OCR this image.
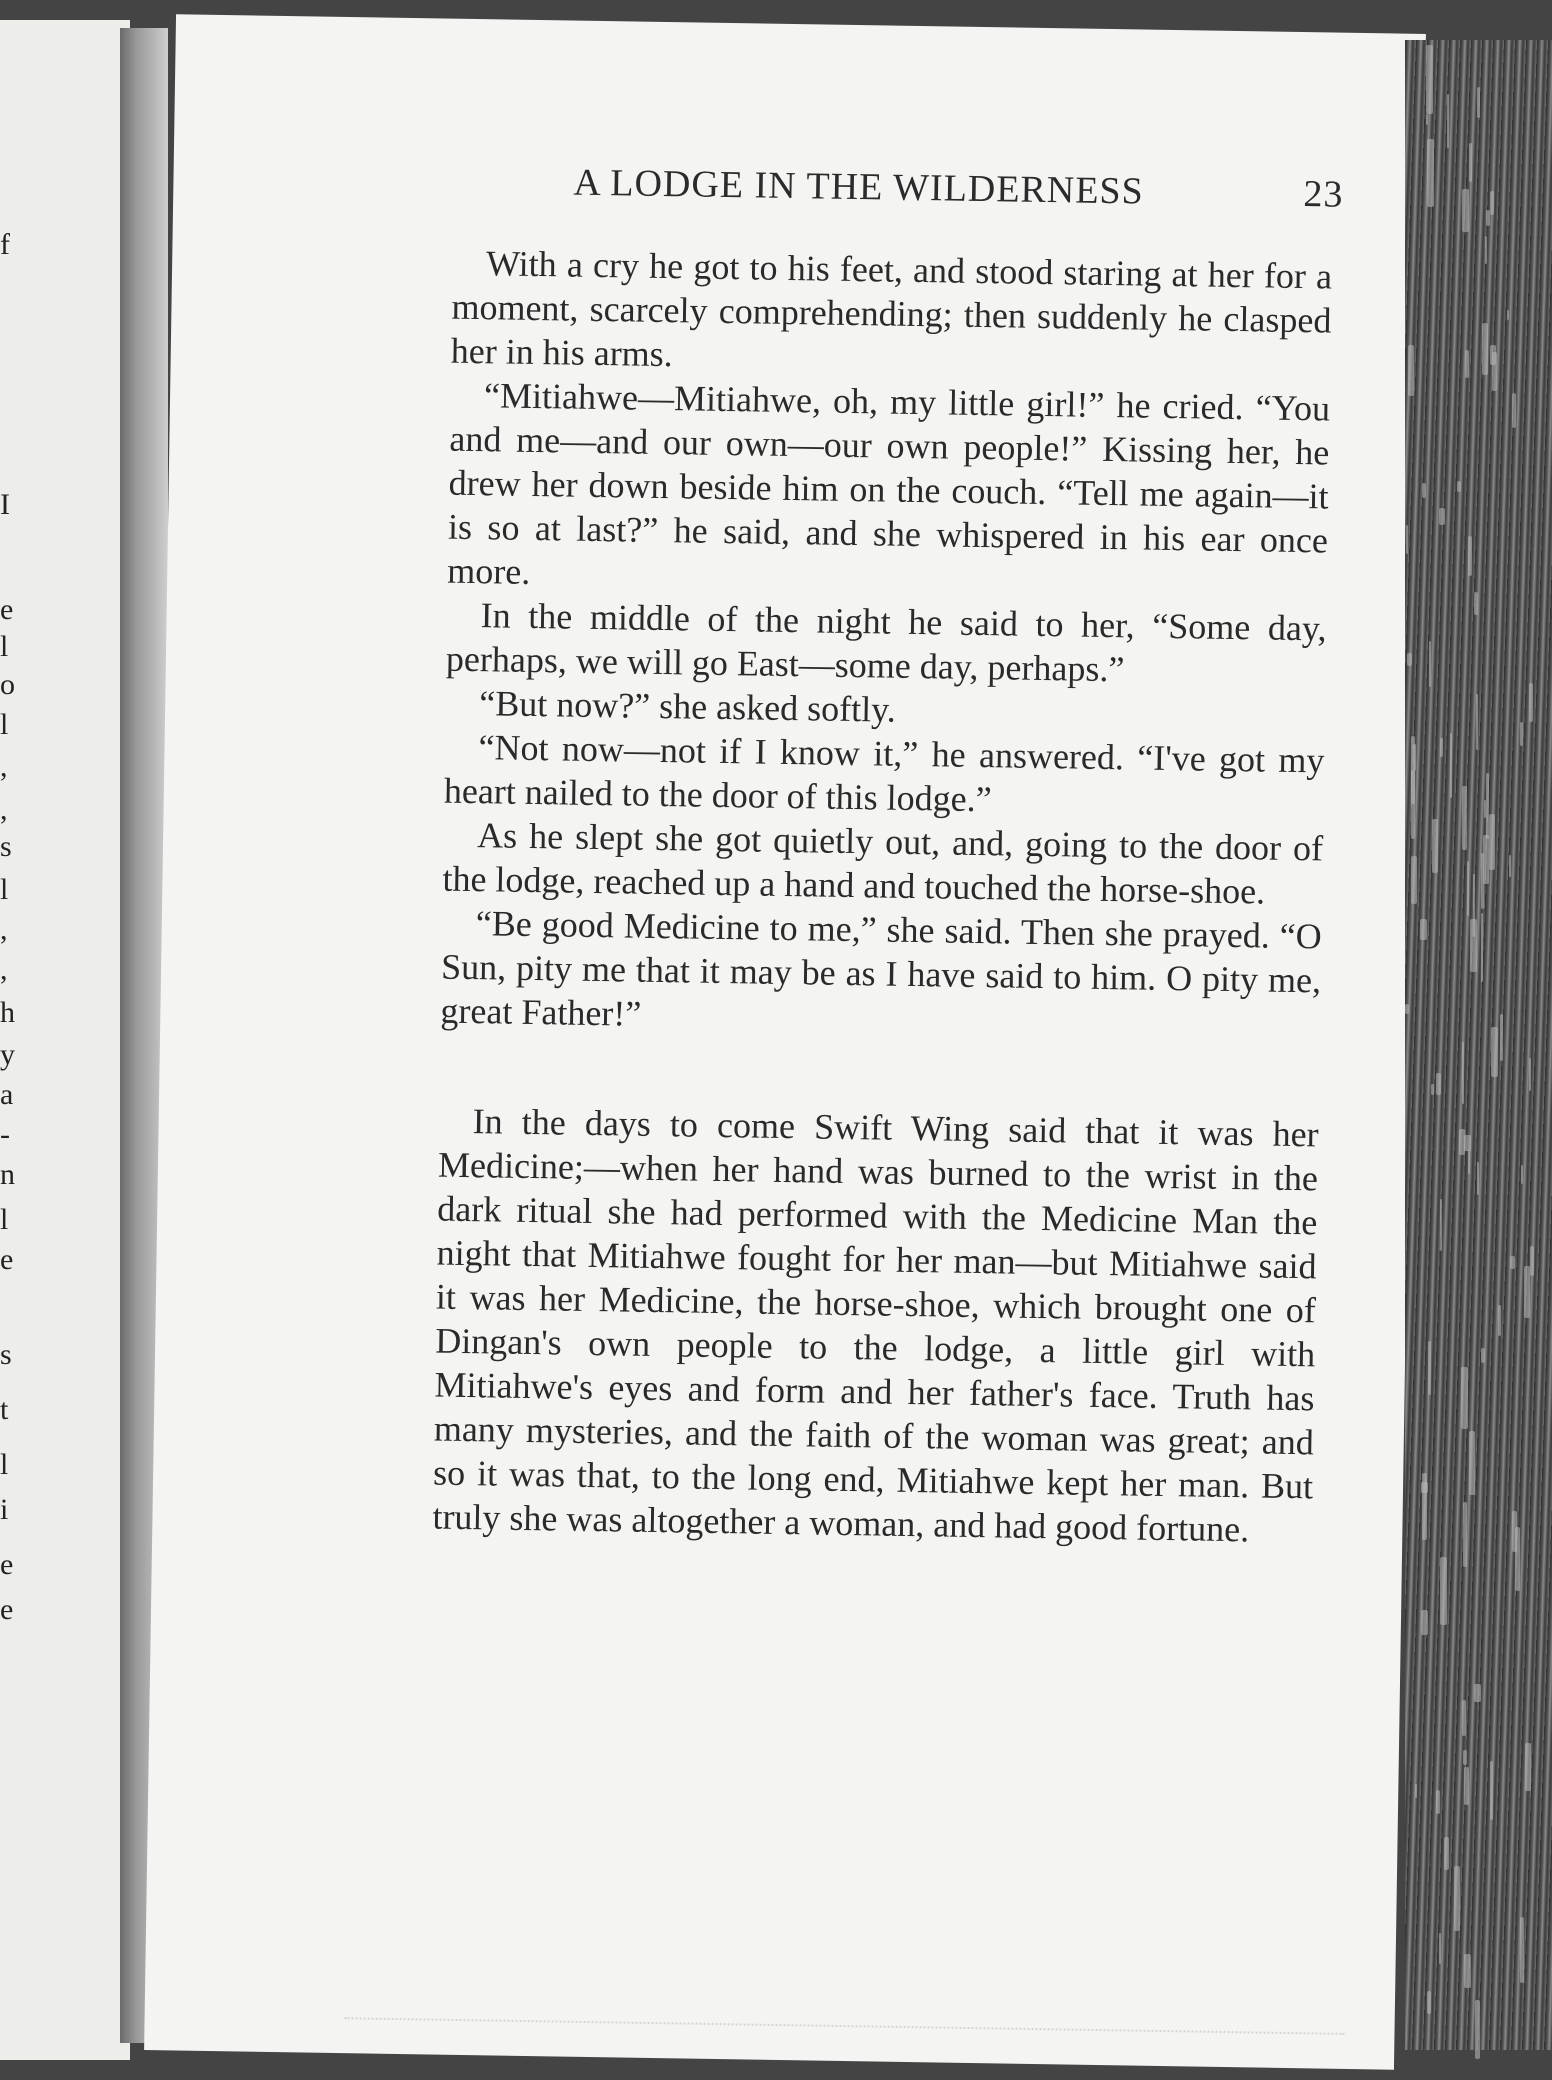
f
I
e
l
o
l
,
,
s
l
,
,
h
y
a
-
n
l
e
s
t
l
i
e
e
A LODGE IN THE WILDERNESS	23

With a cry he got to his feet, and stood staring at her for a moment, scarcely comprehending; then suddenly he clasped her in his arms.

“Mitiahwe—Mitiahwe, oh, my little girl!” he cried. “You and me—and our own—our own people!” Kissing her, he drew her down beside him on the couch. “Tell me again—it is so at last?” he said, and she whispered in his ear once more.

In the middle of the night he said to her, “Some day, perhaps, we will go East—some day, perhaps.”

“But now?” she asked softly.

“Not now—not if I know it,” he answered. “I've got my heart nailed to the door of this lodge.”

As he slept she got quietly out, and, going to the door of the lodge, reached up a hand and touched the horse-shoe.

“Be good Medicine to me,” she said. Then she prayed. “O Sun, pity me that it may be as I have said to him. O pity me, great Father!”

In the days to come Swift Wing said that it was her Medicine;—when her hand was burned to the wrist in the dark ritual she had performed with the Medicine Man the night that Mitiahwe fought for her man—but Mitiahwe said it was her Medicine, the horse-shoe, which brought one of Dingan's own people to the lodge, a little girl with Mitiahwe's eyes and form and her father's face. Truth has many mysteries, and the faith of the woman was great; and so it was that, to the long end, Mitiahwe kept her man. But truly she was altogether a woman, and had good fortune.
